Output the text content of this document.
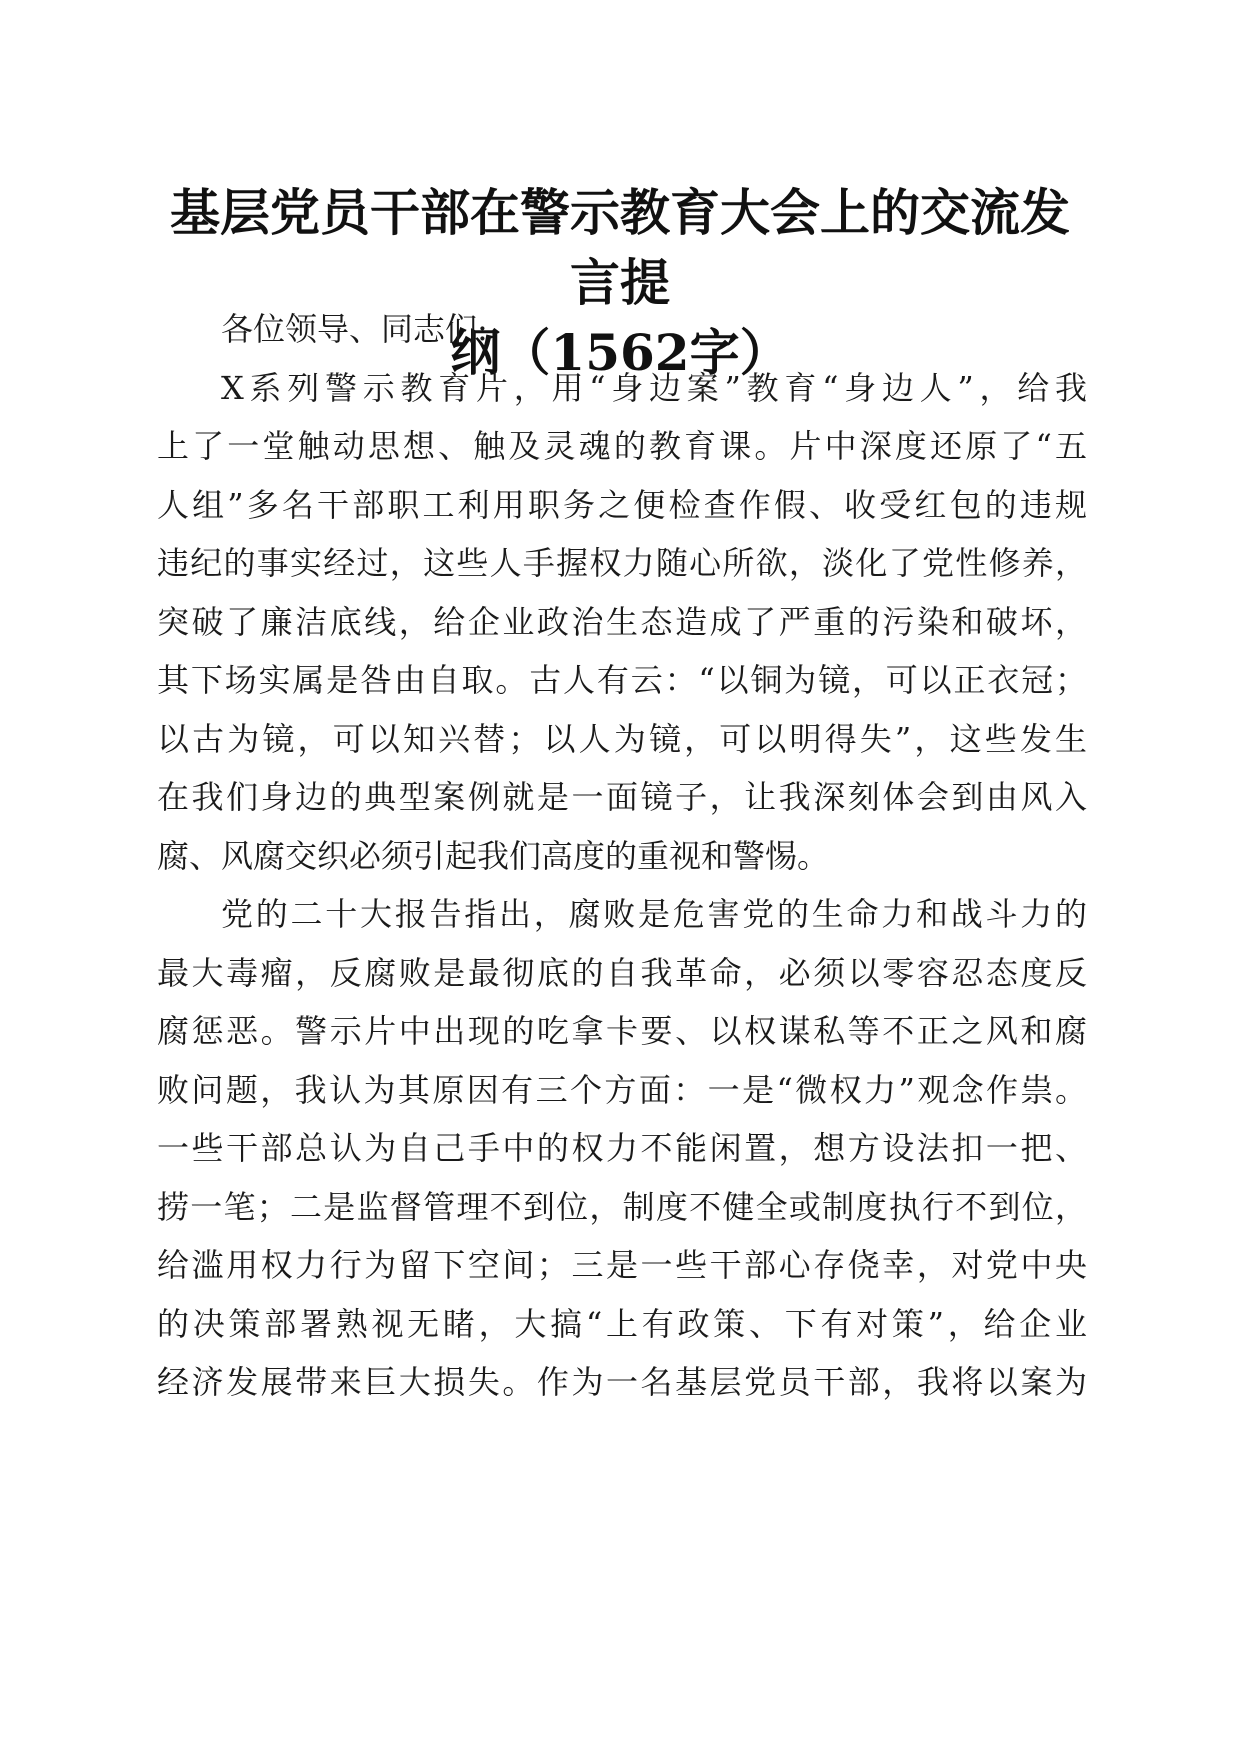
基层党员干部在警示教育大会上的交流发言提
纲（1562字）
各位领导、同志们:
X系列警示教育片，用“身边案”教育“身边人”，给我
上了一堂触动思想、触及灵魂的教育课。片中深度还原了“五
人组”多名干部职工利用职务之便检查作假、收受红包的违规
违纪的事实经过，这些人手握权力随心所欲，淡化了党性修养，
突破了廉洁底线，给企业政治生态造成了严重的污染和破坏，
其下场实属是咎由自取。古人有云：“以铜为镜，可以正衣冠；
以古为镜，可以知兴替；以人为镜，可以明得失”，这些发生
在我们身边的典型案例就是一面镜子，让我深刻体会到由风入
腐、风腐交织必须引起我们高度的重视和警惕。
党的二十大报告指出，腐败是危害党的生命力和战斗力的
最大毒瘤，反腐败是最彻底的自我革命，必须以零容忍态度反
腐惩恶。警示片中出现的吃拿卡要、以权谋私等不正之风和腐
败问题，我认为其原因有三个方面：一是“微权力”观念作祟。
一些干部总认为自己手中的权力不能闲置，想方设法扣一把、
捞一笔；二是监督管理不到位，制度不健全或制度执行不到位，
给滥用权力行为留下空间；三是一些干部心存侥幸，对党中央
的决策部署熟视无睹，大搞“上有政策、下有对策”，给企业
经济发展带来巨大损失。作为一名基层党员干部，我将以案为
